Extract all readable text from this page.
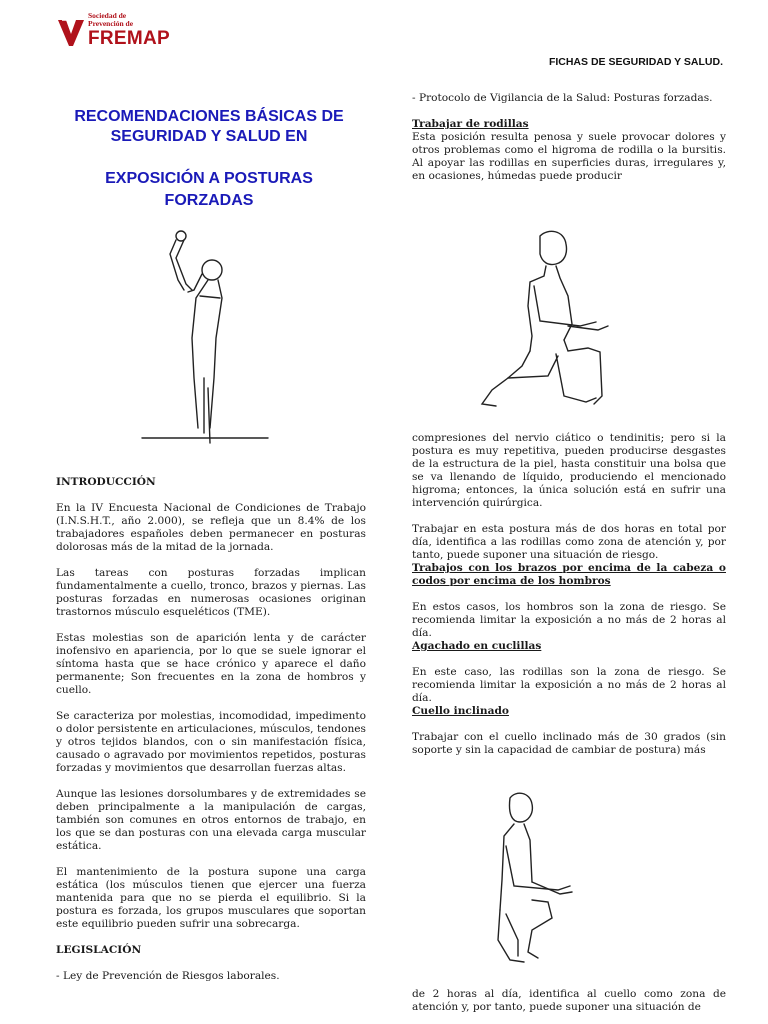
Sociedad de
Prevención de
FREMAP
FICHAS DE SEGURIDAD Y SALUD.
RECOMENDACIONES BÁSICAS DE
SEGURIDAD Y SALUD EN
EXPOSICIÓN A POSTURAS
FORZADAS

INTRODUCCIÓN

En la IV Encuesta Nacional de Condiciones de Trabajo (I.N.S.H.T., año 2.000), se refleja que un 8.4% de los trabajadores españoles deben permanecer en posturas dolorosas más de la mitad de la jornada.

Las tareas con posturas forzadas implican fundamentalmente a cuello, tronco, brazos y piernas. Las posturas forzadas en numerosas ocasiones originan trastornos músculo esqueléticos (TME).

Estas molestias son de aparición lenta y de carácter inofensivo en apariencia, por lo que se suele ignorar el síntoma hasta que se hace crónico y aparece el daño permanente; Son frecuentes en la zona de hombros y cuello.

Se caracteriza por molestias, incomodidad, impedimento o dolor persistente en articulaciones, músculos, tendones y otros tejidos blandos, con o sin manifestación física, causado o agravado por movimientos repetidos, posturas forzadas y movimientos que desarrollan fuerzas altas.

Aunque las lesiones dorsolumbares y de extremidades se deben principalmente a la manipulación de cargas, también son comunes en otros entornos de trabajo, en los que se dan posturas con una elevada carga muscular estática.

El mantenimiento de la postura supone una carga estática (los músculos tienen que ejercer una fuerza mantenida para que no se pierda el equilibrio. Si la postura es forzada, los grupos musculares que soportan este equilibrio pueden sufrir una sobrecarga.

LEGISLACIÓN

- Ley de Prevención de Riesgos laborales.

- Protocolo de Vigilancia de la Salud: Posturas forzadas.

Trabajar de rodillas

Esta posición resulta penosa y suele provocar dolores y otros problemas como el higroma de rodilla o la bursitis. Al apoyar las rodillas en superficies duras, irregulares y, en ocasiones, húmedas puede producir

compresiones del nervio ciático o tendinitis; pero si la postura es muy repetitiva, pueden producirse desgastes de la estructura de la piel, hasta constituir una bolsa que se va llenando de líquido, produciendo el mencionado higroma; entonces, la única solución está en sufrir una intervención quirúrgica.

Trabajar en esta postura más de dos horas en total por día, identifica a las rodillas como zona de atención y, por tanto, puede suponer una situación de riesgo.

Trabajos con los brazos por encima de la cabeza o codos por encima de los hombros

En estos casos, los hombros son la zona de riesgo. Se recomienda limitar la exposición a no más de 2 horas al día.

Agachado en cuclillas

En este caso, las rodillas son la zona de riesgo. Se recomienda limitar la exposición a no más de 2 horas al día.

Cuello inclinado

Trabajar con el cuello inclinado más de 30 grados (sin soporte y sin la capacidad de cambiar de postura) más

de 2 horas al día, identifica al cuello como zona de atención y, por tanto, puede suponer una situación de
